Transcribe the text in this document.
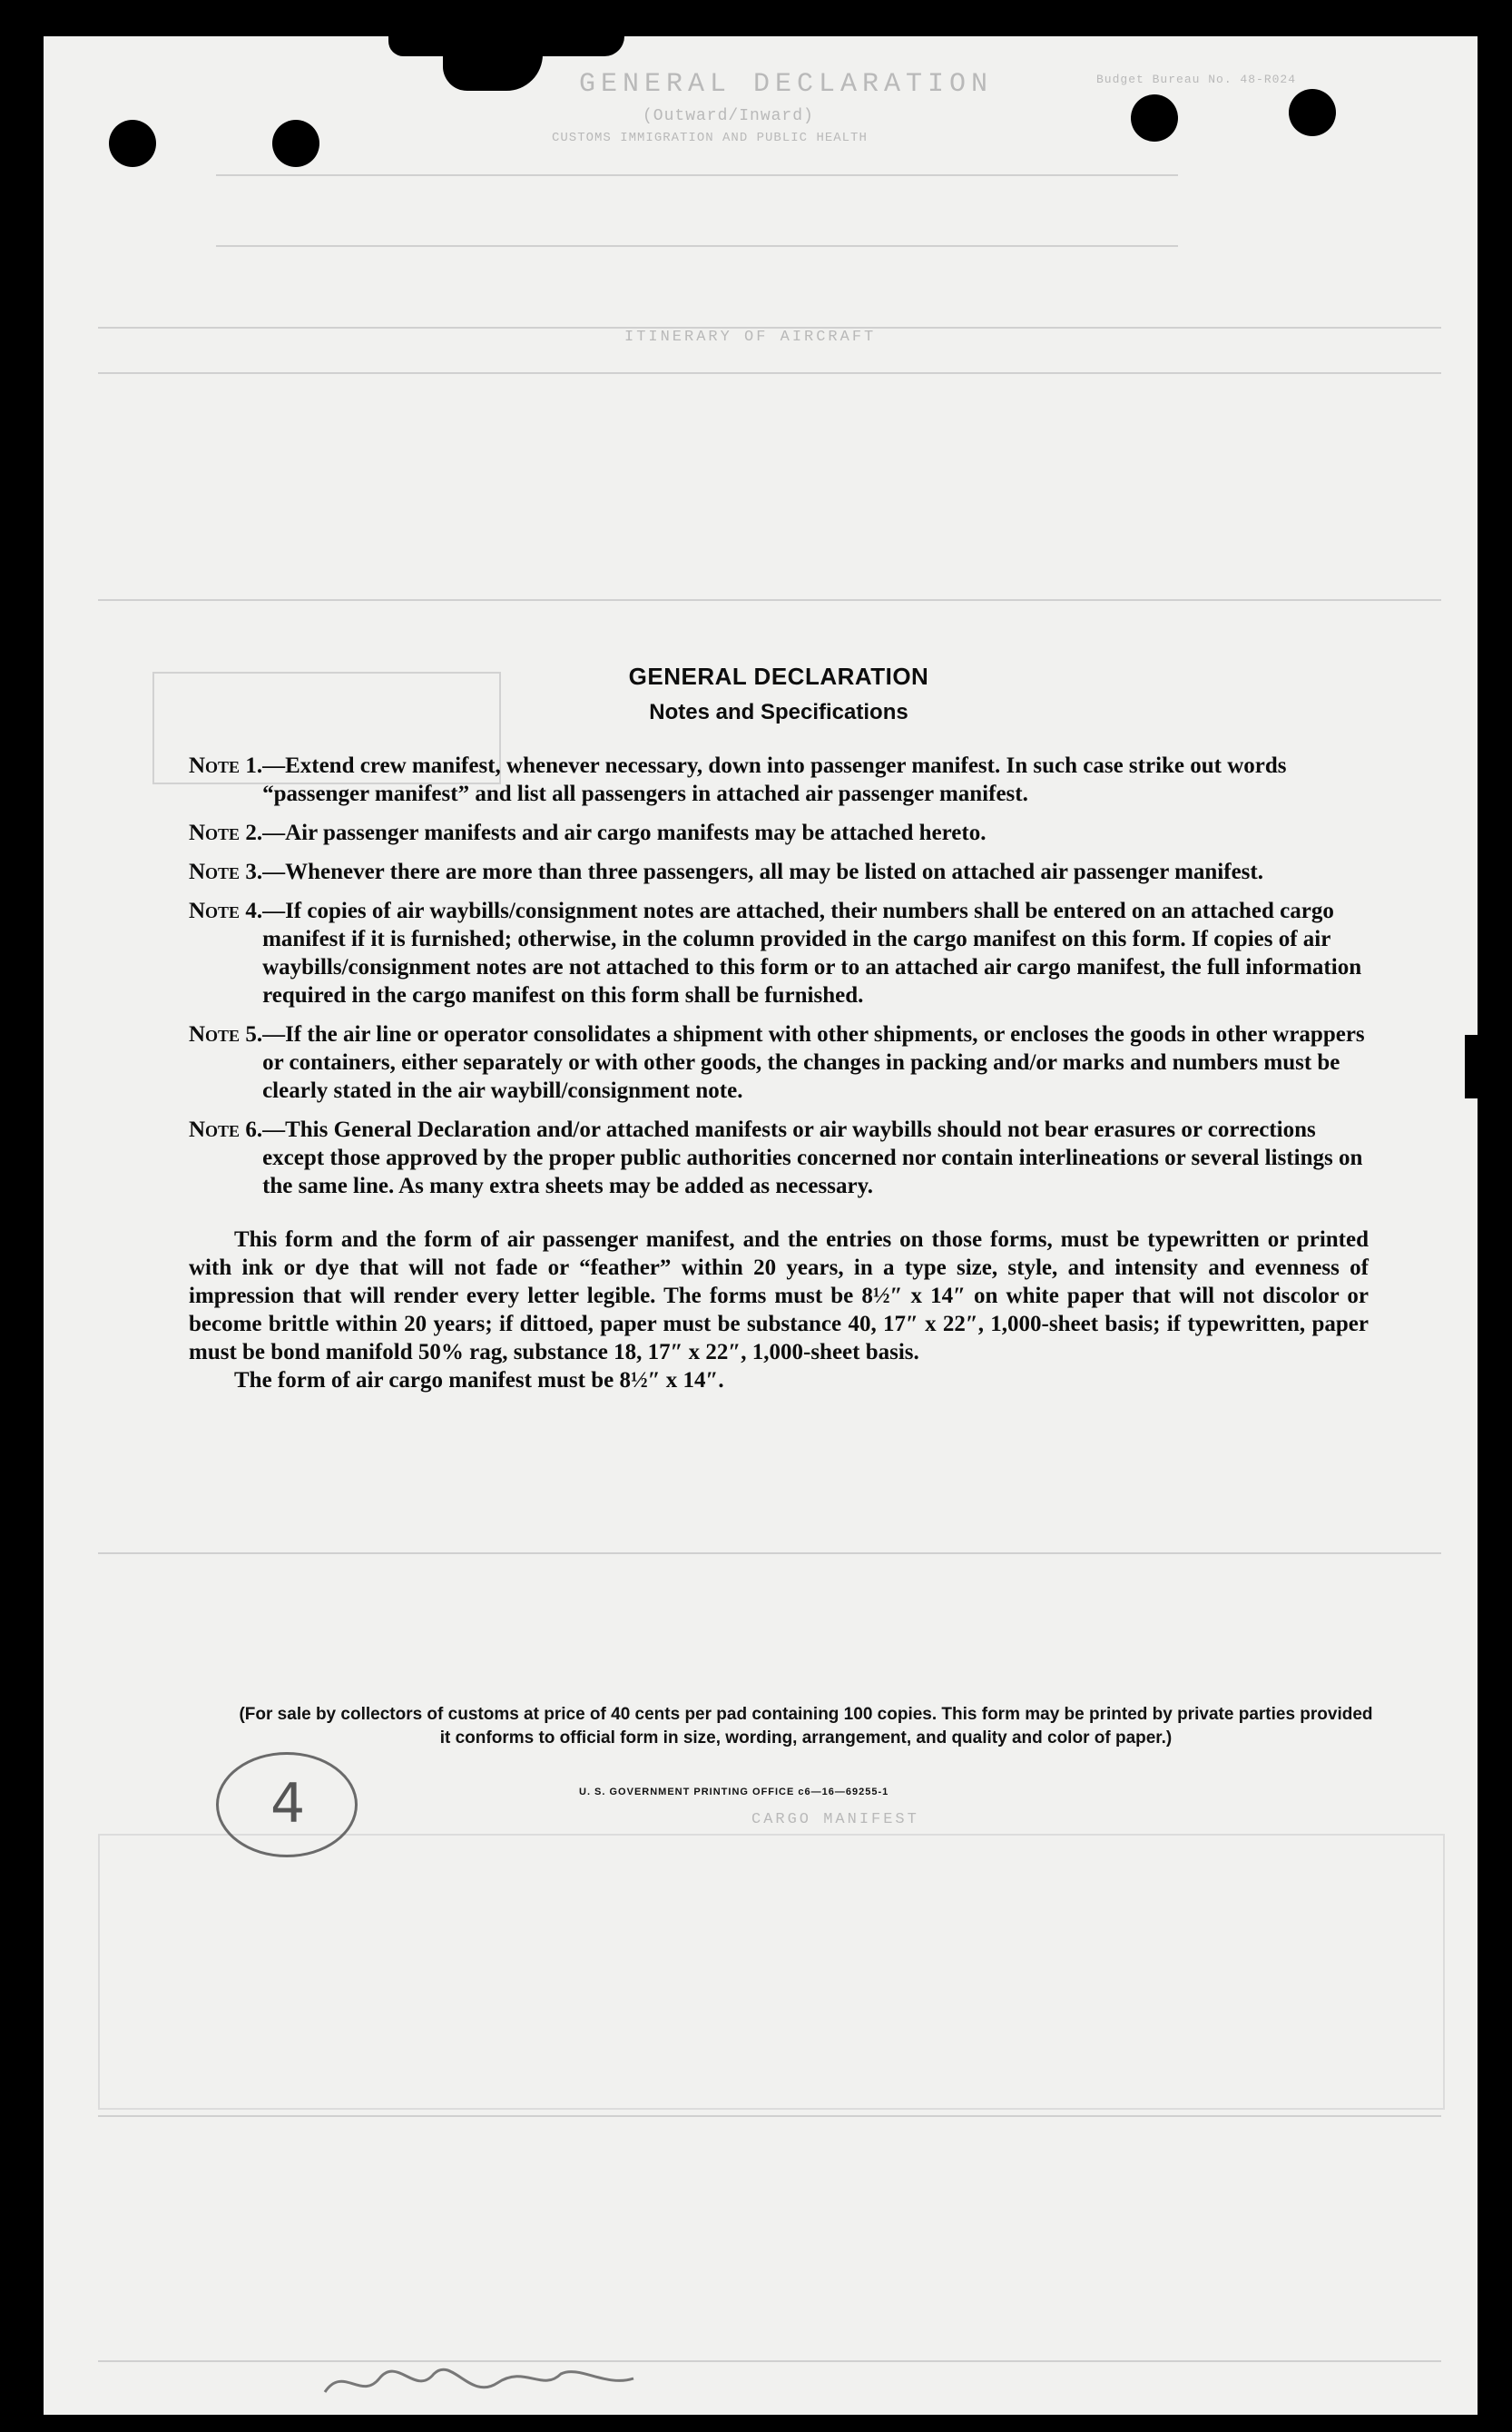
GENERAL DECLARATION
(Outward/Inward)
CUSTOMS IMMIGRATION AND PUBLIC HEALTH
Budget Bureau No. 48-R024
ITINERARY OF AIRCRAFT
CARGO MANIFEST
GENERAL DECLARATION
Notes and Specifications
Note 1. —Extend crew manifest, whenever necessary, down into passenger manifest. In such case strike out words “passenger manifest” and list all passengers in attached air passenger manifest.
Note 2. —Air passenger manifests and air cargo manifests may be attached hereto.
Note 3. —Whenever there are more than three passengers, all may be listed on attached air passenger manifest.
Note 4. —If copies of air waybills/consignment notes are attached, their numbers shall be entered on an attached cargo manifest if it is furnished; otherwise, in the column provided in the cargo manifest on this form. If copies of air waybills/consignment notes are not attached to this form or to an attached air cargo manifest, the full information required in the cargo manifest on this form shall be furnished.
Note 5. —If the air line or operator consolidates a shipment with other shipments, or encloses the goods in other wrappers or containers, either separately or with other goods, the changes in packing and/or marks and numbers must be clearly stated in the air waybill/consignment note.
Note 6. —This General Declaration and/or attached manifests or air waybills should not bear erasures or corrections except those approved by the proper public authorities concerned nor contain interlineations or several listings on the same line. As many extra sheets may be added as necessary.

This form and the form of air passenger manifest, and the entries on those forms, must be typewritten or printed with ink or dye that will not fade or “feather” within 20 years, in a type size, style, and intensity and evenness of impression that will render every letter legible. The forms must be 8½″ x 14″ on white paper that will not discolor or become brittle within 20 years; if dittoed, paper must be substance 40, 17″ x 22″, 1,000-sheet basis; if typewritten, paper must be bond manifold 50% rag, substance 18, 17″ x 22″, 1,000-sheet basis.

The form of air cargo manifest must be 8½″ x 14″.
(For sale by collectors of customs at price of 40 cents per pad containing 100 copies. This form may be printed by private parties provided it conforms to official form in size, wording, arrangement, and quality and color of paper.)
U. S. GOVERNMENT PRINTING OFFICE c6—16—69255-1
4
